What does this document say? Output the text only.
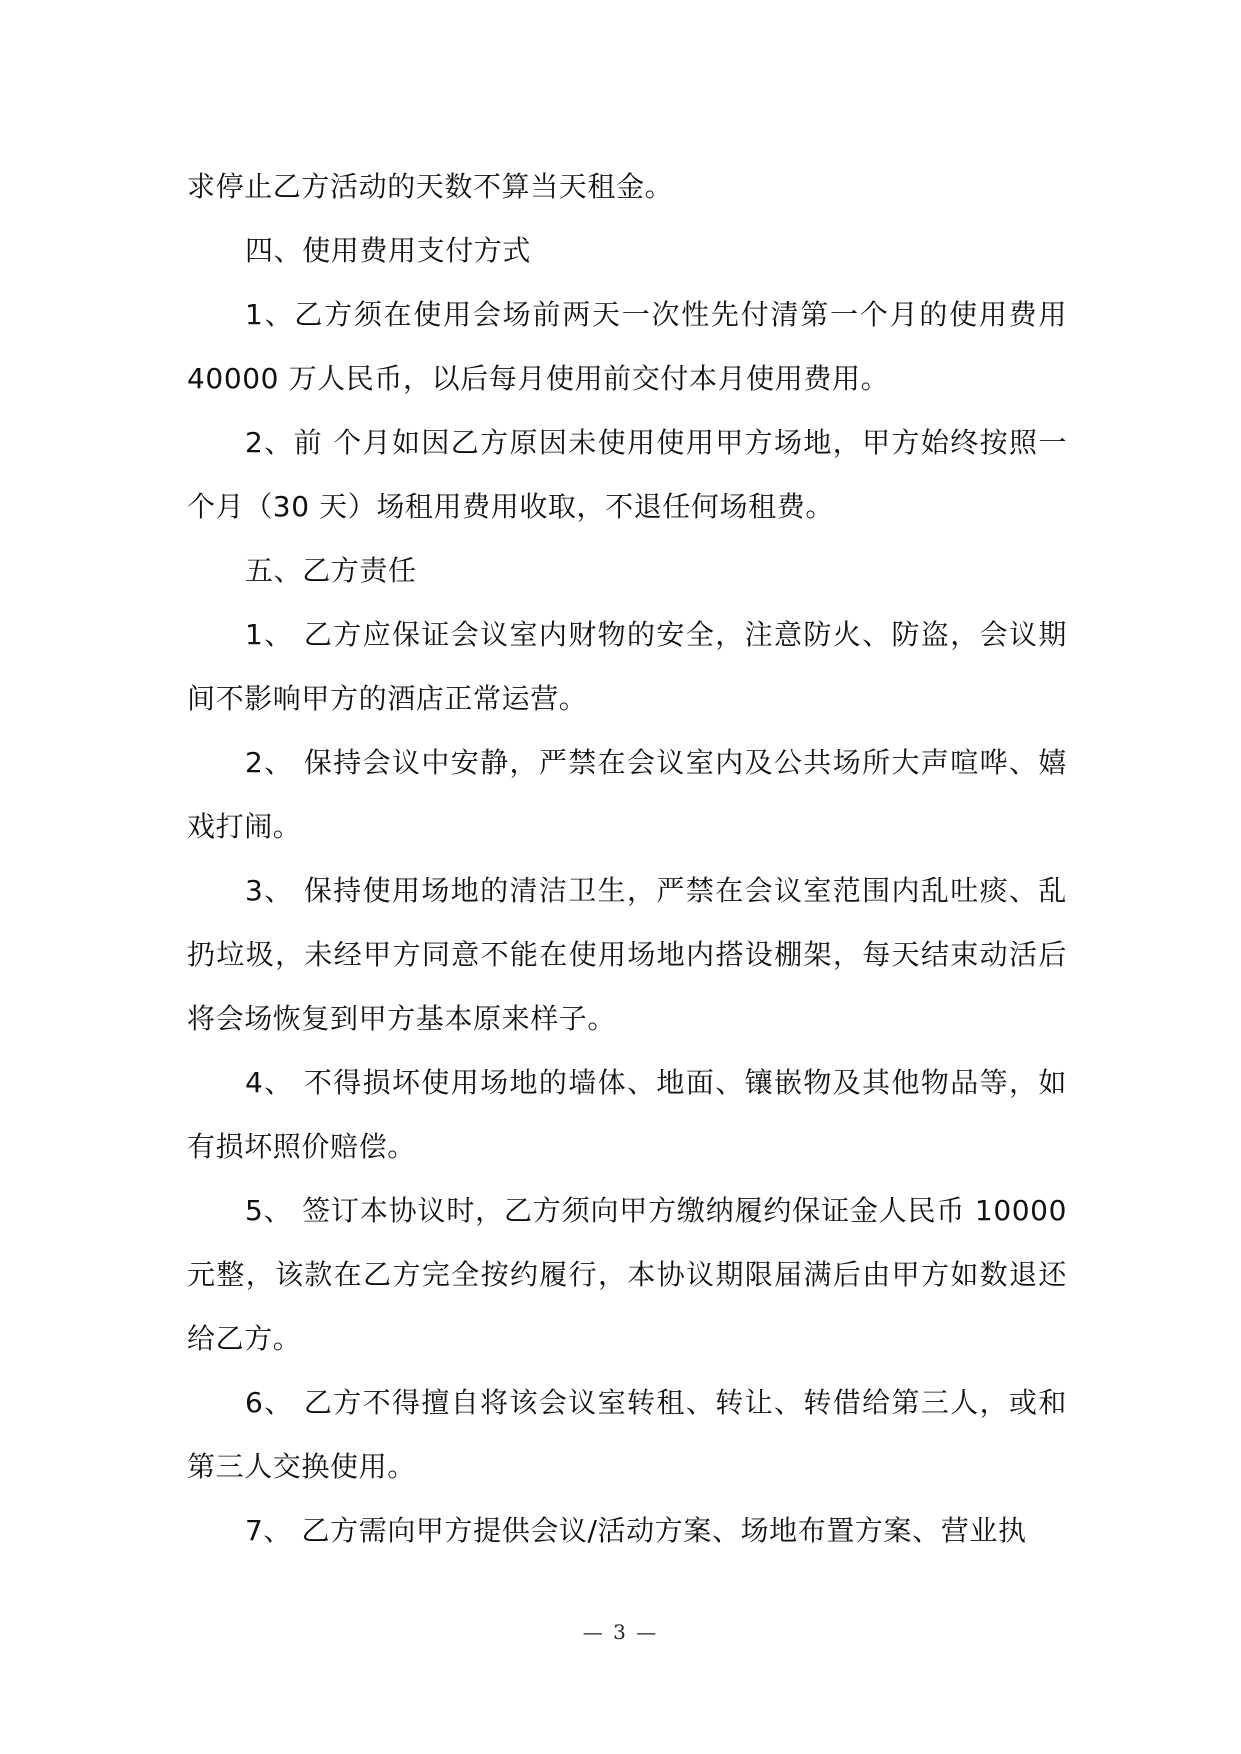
求停止乙方活动的天数不算当天租金。

四、使用费用支付方式

1、乙方须在使用会场前两天一次性先付清第一个月的使用费用40000 万人民币，以后每月使用前交付本月使用费用。

2、前 个月如因乙方原因未使用使用甲方场地，甲方始终按照一个月（30 天）场租用费用收取，不退任何场租费。

五、乙方责任

1、 乙方应保证会议室内财物的安全，注意防火、防盗，会议期间不影响甲方的酒店正常运营。

2、 保持会议中安静，严禁在会议室内及公共场所大声喧哗、嬉戏打闹。

3、 保持使用场地的清洁卫生，严禁在会议室范围内乱吐痰、乱扔垃圾，未经甲方同意不能在使用场地内搭设棚架，每天结束动活后将会场恢复到甲方基本原来样子。

4、 不得损坏使用场地的墙体、地面、镶嵌物及其他物品等，如有损坏照价赔偿。

5、 签订本协议时，乙方须向甲方缴纳履约保证金人民币 10000元整，该款在乙方完全按约履行，本协议期限届满后由甲方如数退还给乙方。

6、 乙方不得擅自将该会议室转租、转让、转借给第三人，或和第三人交换使用。

7、 乙方需向甲方提供会议/活动方案、场地布置方案、营业执

— 3 —
